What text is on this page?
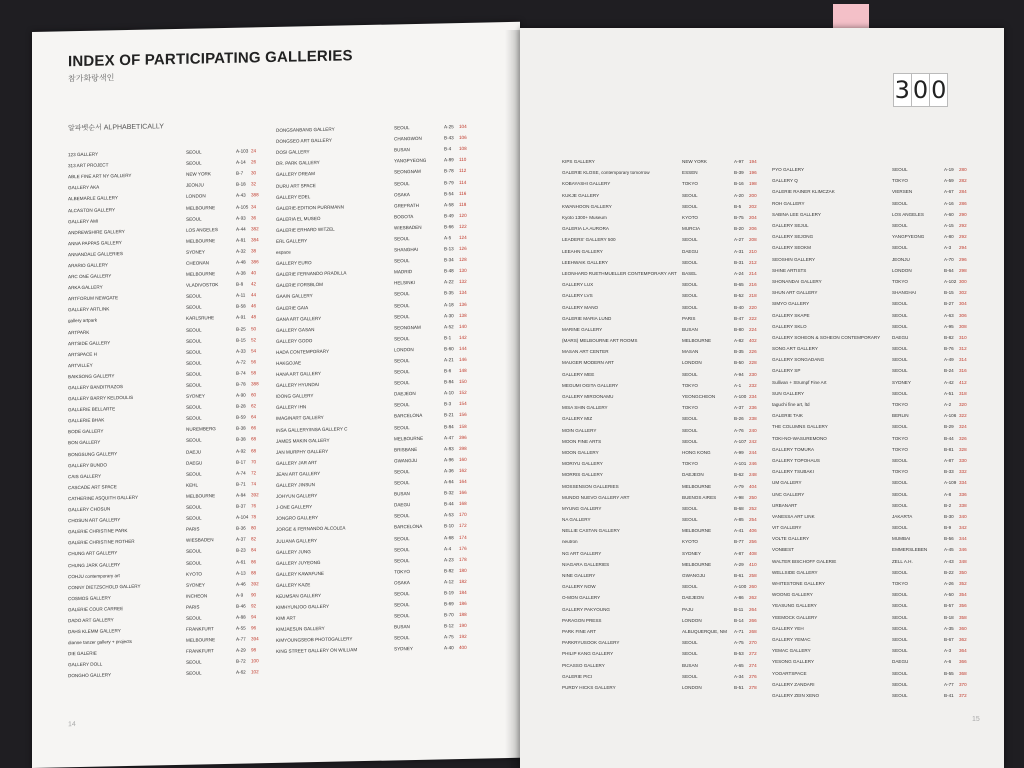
INDEX OF PARTICIPATING GALLERIES
참가화랑색인
알파벳순서 ALPHABETICALLY
123 GALLERY	SEOUL	A-103 24
313 ART PROJECT	SEOUL	A-14	26
ABLE FINE ART NY GALLERY	NEW YORK	B-7	30
GALLERY AKA	JEONJU	B-18	32
ALBEMARLE GALLERY	LONDON	A-43	388
ALCASTON GALLERY	MELBOURNE	A-105 34
GALLERY AMI	SEOUL	A-93	36
ANDREWSHIRE GALLERY	LOS ANGELES	A-44	382
ANNA PAPPAS GALLERY	MELBOURNE	A-81	384
ANNANDALE GALLERIES	SYDNEY	A-32	38
ARARIO GALLERY	CHEONAN	A-48	386
ARC ONE GALLERY	MELBOURNE	A-38	40
ARKA GALLERY	VLADIVOSTOK	B-8	42
ARTFORUM NEWGATE	SEOUL	A-11	44
GALLERY ARTLINK	SEOUL	B-58	46
gallery artpark	KARLSRUHE	A-91	48
ARTPARK	SEOUL	B-25	50
ARTSIDE GALLERY	SEOUL	B-15	52
ARTSPACE H	SEOUL	A-33	54
ARTVILLEY	SEOUL	A-72	56
BAIKSONG GALLERY	SEOUL	B-74	58
GALLERY BANDITRAZOS	SEOUL	B-78	388
GALLERY BARRY KELDOULIS	SYDNEY	A-90	60
GALLERIE BELLARTE	SEOUL	B-28	62
GALLERIE BHAK	SEOUL	B-59	64
BODE GALLERY	NUREMBERG	B-38	66
BON GALLERY	SEOUL	B-38	68
BONGSUNG GALLERY	DAEJU	A-92	68
GALLERY BUNDO	DAEGU	B-17	70
CAIS GALLERY	SEOUL	A-74	72
CASCADE ART SPACE	KEHL	B-71	74
CATHERINE ASQUITH GALLERY	MELBOURNE	A-84	392
GALLERY CHOSUN	SEOUL	B-37	76
CHOSUN ART GALLERY	SEOUL	A-104 78
GALERIE CHRISTINE PARK	PARIS	B-36	80
GALERIE CHRISTINE ROTHER	WIESBADEN	A-37	82
CHUNG ART GALLERY	SEOUL	B-23	84
CHUNG JARK GALLERY	SEOUL	A-61	86
COHJU contemporary art	KYOTO	A-13	88
CONNY DIETZSCHOLD GALLERY	SYDNEY	A-46	392
COSMOS GALLERY	INCHEON	A-9	90
GALERIE COUR CARREE	PARIS	B-46	92
DADO ART GALLERY	SEOUL	A-88	94
DAHS KLEMM GALLERY	FRANKFURT	A-55	96
dianne tanzer gallery + projects	MELBOURNE	A-77	394
DIE GALERIE	FRANKFURT	A-29	98
GALLERY DOLL	SEOUL	B-72	100
DONGHO GALLERY	SEOUL	A-62	102
DONGSANBANG GALLERY	SEOUL	A-25	104
DONGSEO ART GALLERY	CHANGWON	B-43	106
DOSI GALLERY	BUSAN	B-4	108
DR. PARK GALLERY	YANGPYEONG	A-89	110
GALLERY DREAM	SEONGNAM	B-78	112
DURU ART SPACE	SEOUL	B-79	114
GALLERY EDEL	OSAKA	B-54	116
GALERIE-EDITION PURRMANN	GREFRATH	A-58	118
GALERIA EL MUSEO	BOGOTA	B-49	120
GALERIE ERHARD WITZEL	WIESBADEN	B-66	122
ERL GALLERY	SEOUL	A-5	124
espace	SHANGHAI	B-13	126
GALLERY EURO	SEOUL	B-34	128
GALERIE FERNANDO PRADILLA	MADRID	B-48	130
GALERIE FORSBLOM	HELSINKI	A-22	132
GAAIN GALLERY	SEOUL	B-35	134
GALERIE GAIA	SEOUL	A-18	136
GANA ART GALLERY	SEOUL	A-30	138
GALLERY GASAN	SEONGNAM	A-52	140
GALLERY GODO	SEOUL	B-1	142
HADA CONTEMPORARY	LONDON	B-60	144
HAKGOJAE	SEOUL	A-21	146
HANA ART GALLERY	SEOUL	B-6	148
GALLERY HYUNDAI	SEOUL	B-84	150
IDONG GALLERY	DAEJEON	A-10	152
GALLERY IHN	SEOUL	B-3	154
IMAGINART GALLERY	BARCELONA	B-21	156
INSA GALLERY/INSA GALLERY C	SEOUL	B-84	158
JAMES MAKIN GALLERY	MELBOURNE	A-47	396
JAN MURPHY GALLERY	BRISBANE	A-83	398
GALLERY JAR ART	GWANGJU	A-96	160
JEAN ART GALLERY	SEOUL	A-36	162
GALLERY JINSUN	SEOUL	A-64	164
JOHYUN GALLERY	BUSAN	B-32	166
J-ONE GALLERY	DAEGU	B-44	168
JONGRO GALLERY	SEOUL	A-53	170
JORGE & FERNANDO ALCOLEA	BARCELONA	B-10	172
JULIANA GALLERY	SEOUL	A-68	174
GALLERY JUNG	SEOUL	A-4	176
GALLERY JUYEONG	SEOUL	A-23	178
GALLERY KAWAFUNE	TOKYO	B-82	180
GALLERY KAZE	OSAKA	A-12	182
KEUMSAN GALLERY	SEOUL	B-19	184
KIMHYUNJOO GALLERY	SEOUL	B-69	186
KIMI ART	SEOUL	B-70	188
KIMJAESUN GALLERY	BUSAN	B-12	190
KIMYOUNGSEOB PHOTOGALLERY	SEOUL	A-75	192
KING STREET GALLERY ON WILLIAM	SYDNEY	A-40	400
14
KIPS GALLERY	NEW YORK	A-97	194
GALERIE KLOSE, contemporary tomorrow	ESSEN	B-39	196
KOBAYASHI GALLERY	TOKYO	B-16	198
KUKJE GALLERY	SEOUL	A-20	200
KWANHOON GALLERY	SEOUL	B-5	202
Kyoto 1300+ Museum	KYOTO	B-75	204
GALERIA LA AURORA	MURCIA	B-20	206
LEADERS' GALLERY 500	SEOUL	A-27	208
LEEAHN GALLERY	DAEGU	A-31	210
LEEHWAIK GALLERY	SEOUL	B-31	212
LEONHARD RUETHMUELLER CONTEMPORARY ART	BASEL	A-24	214
GALLERY LUX	SEOUL	B-65	216
GALLERY LVS	SEOUL	B-52	218
GALLERY MANO	SEOUL	B-40	220
GALERIE MARIA LUND	PARIS	B-47	222
MARINE GALLERY	BUSAN	B-80	224
(MARS) MELBOURNE ART ROOMS	MELBOURNE	A-82	402
MASAN ART CENTER	MASAN	B-35	226
MAUGER MODERN ART	LONDON	B-50	228
GALLERY MEE	SEOUL	A-94	230
MEGUMI OGITA GALLERY	TOKYO	A-1	232
GALLERY MIROONAMU	YEONGCHEON	A-100 234
MISA SHIN GALLERY	TOKYO	A-37	236
GALLERY MIZ	SEOUL	B-26	238
MOIN GALLERY	SEOUL	A-76	240
MOON FINE ARTS	SEOUL	A-107 242
MOON GALLERY	HONG KONG	A-99	244
MORIYU GALLERY	TOKYO	A-101 246
MORRIS GALLERY	DAEJEON	B-62	248
MOSSENSON GALLERIES	MELBOURNE	A-79	404
MUNDO NUEVO GALLERY ART	BUENOS AIRES	A-98	250
MYUNG GALLERY	SEOUL	B-68	252
NA GALLERY	SEOUL	A-85	254
NELLIE CASTAN GALLERY	MELBOURNE	A-41	406
neutron	KYOTO	B-77	256
NG ART GALLERY	SYDNEY	A-87	408
NIAGARA GALLERIES	MELBOURNE	A-29	410
NINE GALLERY	GWANGJU	B-61	258
GALLERY NOW	SEOUL	A-100 260
O-MON GALLERY	DAEJEON	A-86	262
GALLERY PAKYOUNG	PAJU	B-11	264
PARAGON PRESS	LONDON	B-14	266
PARK FINE ART	ALBUQUERQUE, NM	A-71	268
PARKRYUSOOK GALLERY	SEOUL	A-75	270
PHILIP KANG GALLERY	SEOUL	B-53	272
PICASSO GALLERY	BUSAN	A-65	274
GALERIE PICI	SEOUL	A-34	276
PURDY HICKS GALLERY	LONDON	B-51	278
PYO GALLERY	SEOUL	A-19	280
GALLERY Q	TOKYO	A-59	282
GALERIE RAINER KLIMCZAK	VIERSEN	A-67	284
ROH GALLERY	SEOUL	A-16	286
SABINA LEE GALLERY	LOS ANGELES	A-60	290
GALLERY SEJUL	SEOUL	A-15	292
GALLERY SEJONG	YANGPYEONG	A-80	292
GALLERY SEOKM	SEOUL	A-3	294
SEOSHIN GALLERY	JEONJU	A-70	296
SHINE ARTISTS	LONDON	B-64	298
SHONANDAI GALLERY	TOKYO	A-102 300
SHUN ART GALLERY	SHANGHAI	B-15	302
SIMYO GALLERY	SEOUL	B-27	304
GALLERY SKAPE	SEOUL	A-63	306
GALLERY SKLO	SEOUL	A-95	308
GALLERY SOHEON & SOHEON CONTEMPORARY	DAEGU	B-82	310
SONG ART GALLERY	SEOUL	B-76	312
GALLERY SONGADANG	SEOUL	A-49	314
GALLERY SP	SEOUL	B-24	316
Sullivan + Strumpf Fine Art	SYDNEY	A-42	412
SUN GALLERY	SEOUL	A-51	318
taguchi fine art, ltd	TOKYO	A-2	320
GALERIE TAIK	BERLIN	A-106 322
THE COLUMNS GALLERY	SEOUL	B-29	324
TOKI-NO-WASUREMONO	TOKYO	B-44	326
GALLERY TOMURA	TOKYO	B-81	328
GALLERY TOPOHAUS	SEOUL	A-87	330
GALLERY TSUBAKI	TOKYO	B-33	332
UM GALLERY	SEOUL	A-109 334
UNC GALLERY	SEOUL	A-8	336
URBANART	SEOUL	B-2	338
VANESSA ART LINK	JAKARTA	B-30	340
VIT GALLERY	SEOUL	B-9	342
VOLTE GALLERY	MUMBAI	B-56	344
VONBEST	EMMERSLEBEN	A-45	346
WALTER BISCHOFF GALERIE	ZELL A.H.	A-43	348
WELLSIDE GALLERY	SEOUL	B-22	350
WHITESTONE GALLERY	TOKYO	A-26	352
WOONG GALLERY	SEOUL	A-50	354
YEASUNG GALLERY	SEOUL	B-57	356
YEEMOCK GALLERY	SEOUL	B-18	358
GALLERY YEH	SEOUL	A-35	360
GALLERY YEMAC	SEOUL	B-67	362
YEMAC GALLERY	SEOUL	A-3	364
YESONG GALLERY	DAEGU	A-6	366
YOOARTSPACE	SEOUL	B-55	368
GALLERY ZANDARI	SEOUL	A-77	370
GALLERY ZEIN XENO	SEOUL	B-41	372
15
3 0 0
